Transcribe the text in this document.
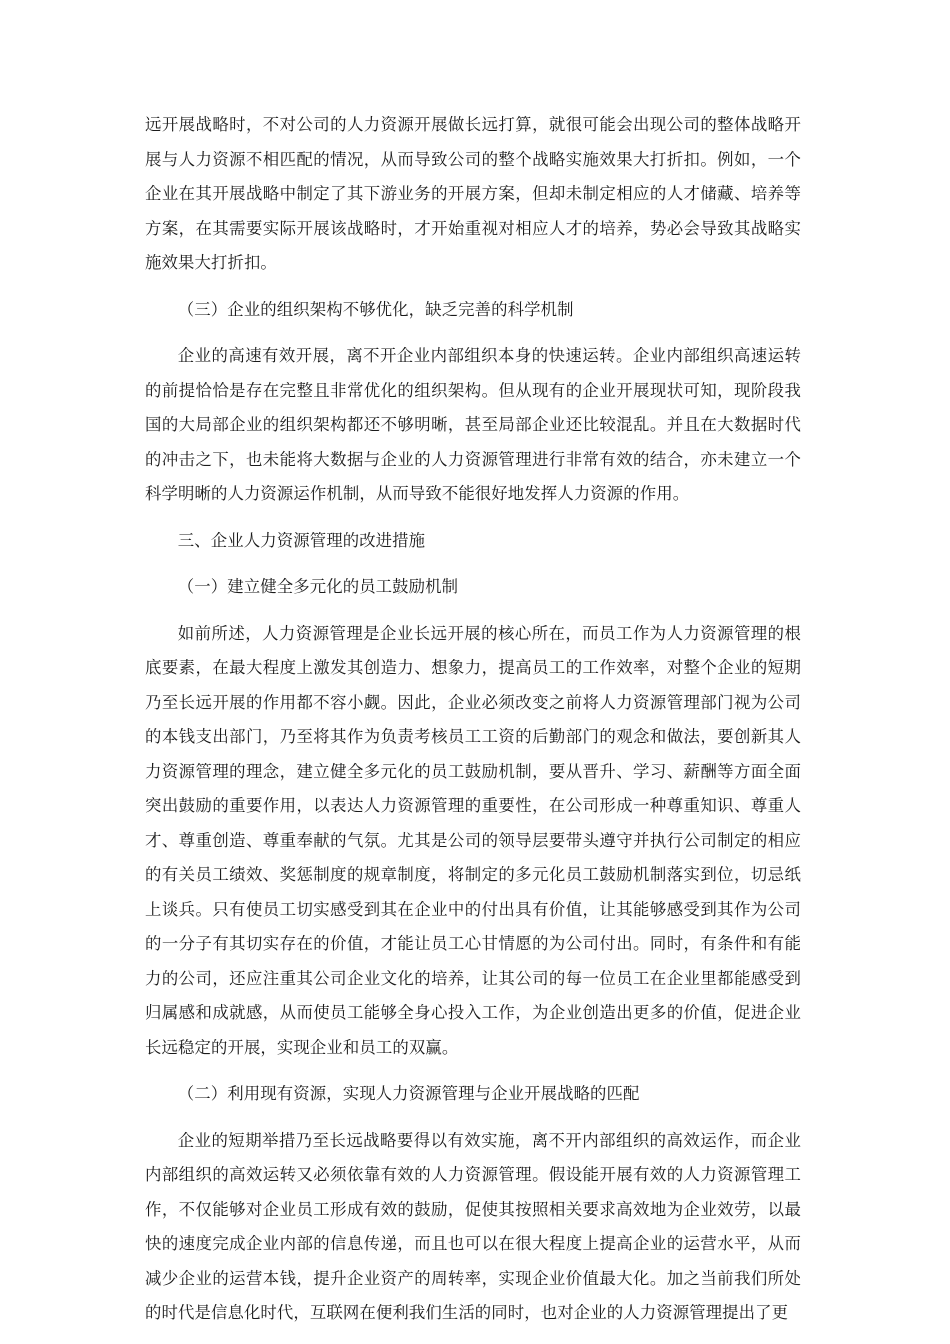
远开展战略时，不对公司的人力资源开展做长远打算，就很可能会出现公司的整体战略开展与人力资源不相匹配的情况，从而导致公司的整个战略实施效果大打折扣。例如，一个企业在其开展战略中制定了其下游业务的开展方案，但却未制定相应的人才储藏、培养等方案，在其需要实际开展该战略时，才开始重视对相应人才的培养，势必会导致其战略实施效果大打折扣。

（三）企业的组织架构不够优化，缺乏完善的科学机制

企业的高速有效开展，离不开企业内部组织本身的快速运转。企业内部组织高速运转的前提恰恰是存在完整且非常优化的组织架构。但从现有的企业开展现状可知，现阶段我国的大局部企业的组织架构都还不够明晰，甚至局部企业还比较混乱。并且在大数据时代的冲击之下，也未能将大数据与企业的人力资源管理进行非常有效的结合，亦未建立一个科学明晰的人力资源运作机制，从而导致不能很好地发挥人力资源的作用。

三、企业人力资源管理的改进措施

（一）建立健全多元化的员工鼓励机制

如前所述，人力资源管理是企业长远开展的核心所在，而员工作为人力资源管理的根底要素，在最大程度上激发其创造力、想象力，提高员工的工作效率，对整个企业的短期乃至长远开展的作用都不容小觑。因此，企业必须改变之前将人力资源管理部门视为公司的本钱支出部门，乃至将其作为负责考核员工工资的后勤部门的观念和做法，要创新其人力资源管理的理念，建立健全多元化的员工鼓励机制，要从晋升、学习、薪酬等方面全面突出鼓励的重要作用，以表达人力资源管理的重要性，在公司形成一种尊重知识、尊重人才、尊重创造、尊重奉献的气氛。尤其是公司的领导层要带头遵守并执行公司制定的相应的有关员工绩效、奖惩制度的规章制度，将制定的多元化员工鼓励机制落实到位，切忌纸上谈兵。只有使员工切实感受到其在企业中的付出具有价值，让其能够感受到其作为公司的一分子有其切实存在的价值，才能让员工心甘情愿的为公司付出。同时，有条件和有能力的公司，还应注重其公司企业文化的培养，让其公司的每一位员工在企业里都能感受到归属感和成就感，从而使员工能够全身心投入工作，为企业创造出更多的价值，促进企业长远稳定的开展，实现企业和员工的双赢。

（二）利用现有资源，实现人力资源管理与企业开展战略的匹配

企业的短期举措乃至长远战略要得以有效实施，离不开内部组织的高效运作，而企业内部组织的高效运转又必须依靠有效的人力资源管理。假设能开展有效的人力资源管理工作，不仅能够对企业员工形成有效的鼓励，促使其按照相关要求高效地为企业效劳，以最快的速度完成企业内部的信息传递，而且也可以在很大程度上提高企业的运营水平，从而减少企业的运营本钱，提升企业资产的周转率，实现企业价值最大化。加之当前我们所处的时代是信息化时代，互联网在便利我们生活的同时，也对企业的人力资源管理提出了更
